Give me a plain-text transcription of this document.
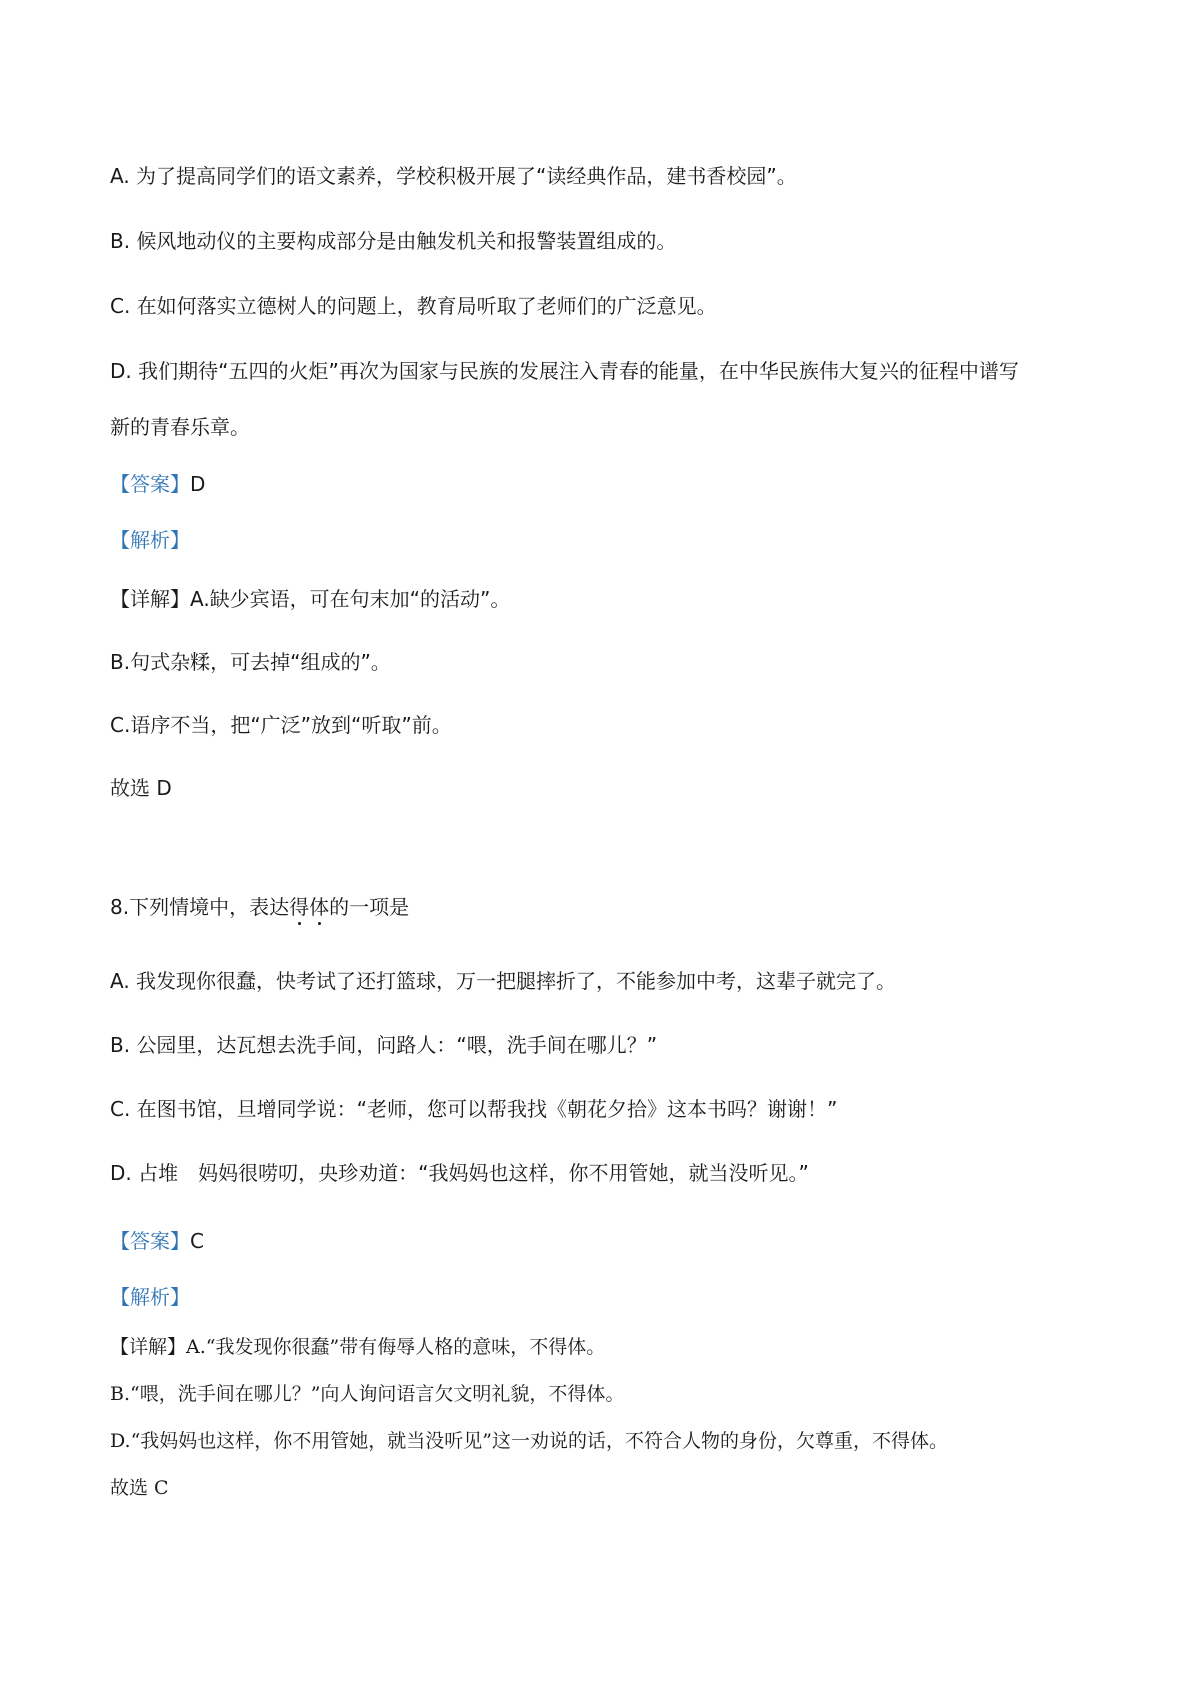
A. 为了提高同学们的语文素养，学校积极开展了“读经典作品，建书香校园”。
B. 候风地动仪的主要构成部分是由触发机关和报警装置组成的。
C. 在如何落实立德树人的问题上，教育局听取了老师们的广泛意见。
D. 我们期待“五四的火炬”再次为国家与民族的发展注入青春的能量，在中华民族伟大复兴的征程中谱写
新的青春乐章。
【答案】D
【解析】
【详解】A.缺少宾语，可在句末加“的活动”。
B.句式杂糅，可去掉“组成的”。
C.语序不当，把“广泛”放到“听取”前。
故选 D
8.下列情境中，表达得体的一项是
A. 我发现你很蠢，快考试了还打篮球，万一把腿摔折了，不能参加中考，这辈子就完了。
B. 公园里，达瓦想去洗手间，问路人：“喂，洗手间在哪儿？”
C. 在图书馆，旦增同学说：“老师，您可以帮我找《朝花夕拾》这本书吗？谢谢！”
D. 占堆　妈妈很唠叨，央珍劝道：“我妈妈也这样，你不用管她，就当没听见。”
【答案】C
【解析】
【详解】A.“我发现你很蠢”带有侮辱人格的意味，不得体。
B.“喂，洗手间在哪儿？”向人询问语言欠文明礼貌，不得体。
D.“我妈妈也这样，你不用管她，就当没听见”这一劝说的话，不符合人物的身份，欠尊重，不得体。
故选 C
